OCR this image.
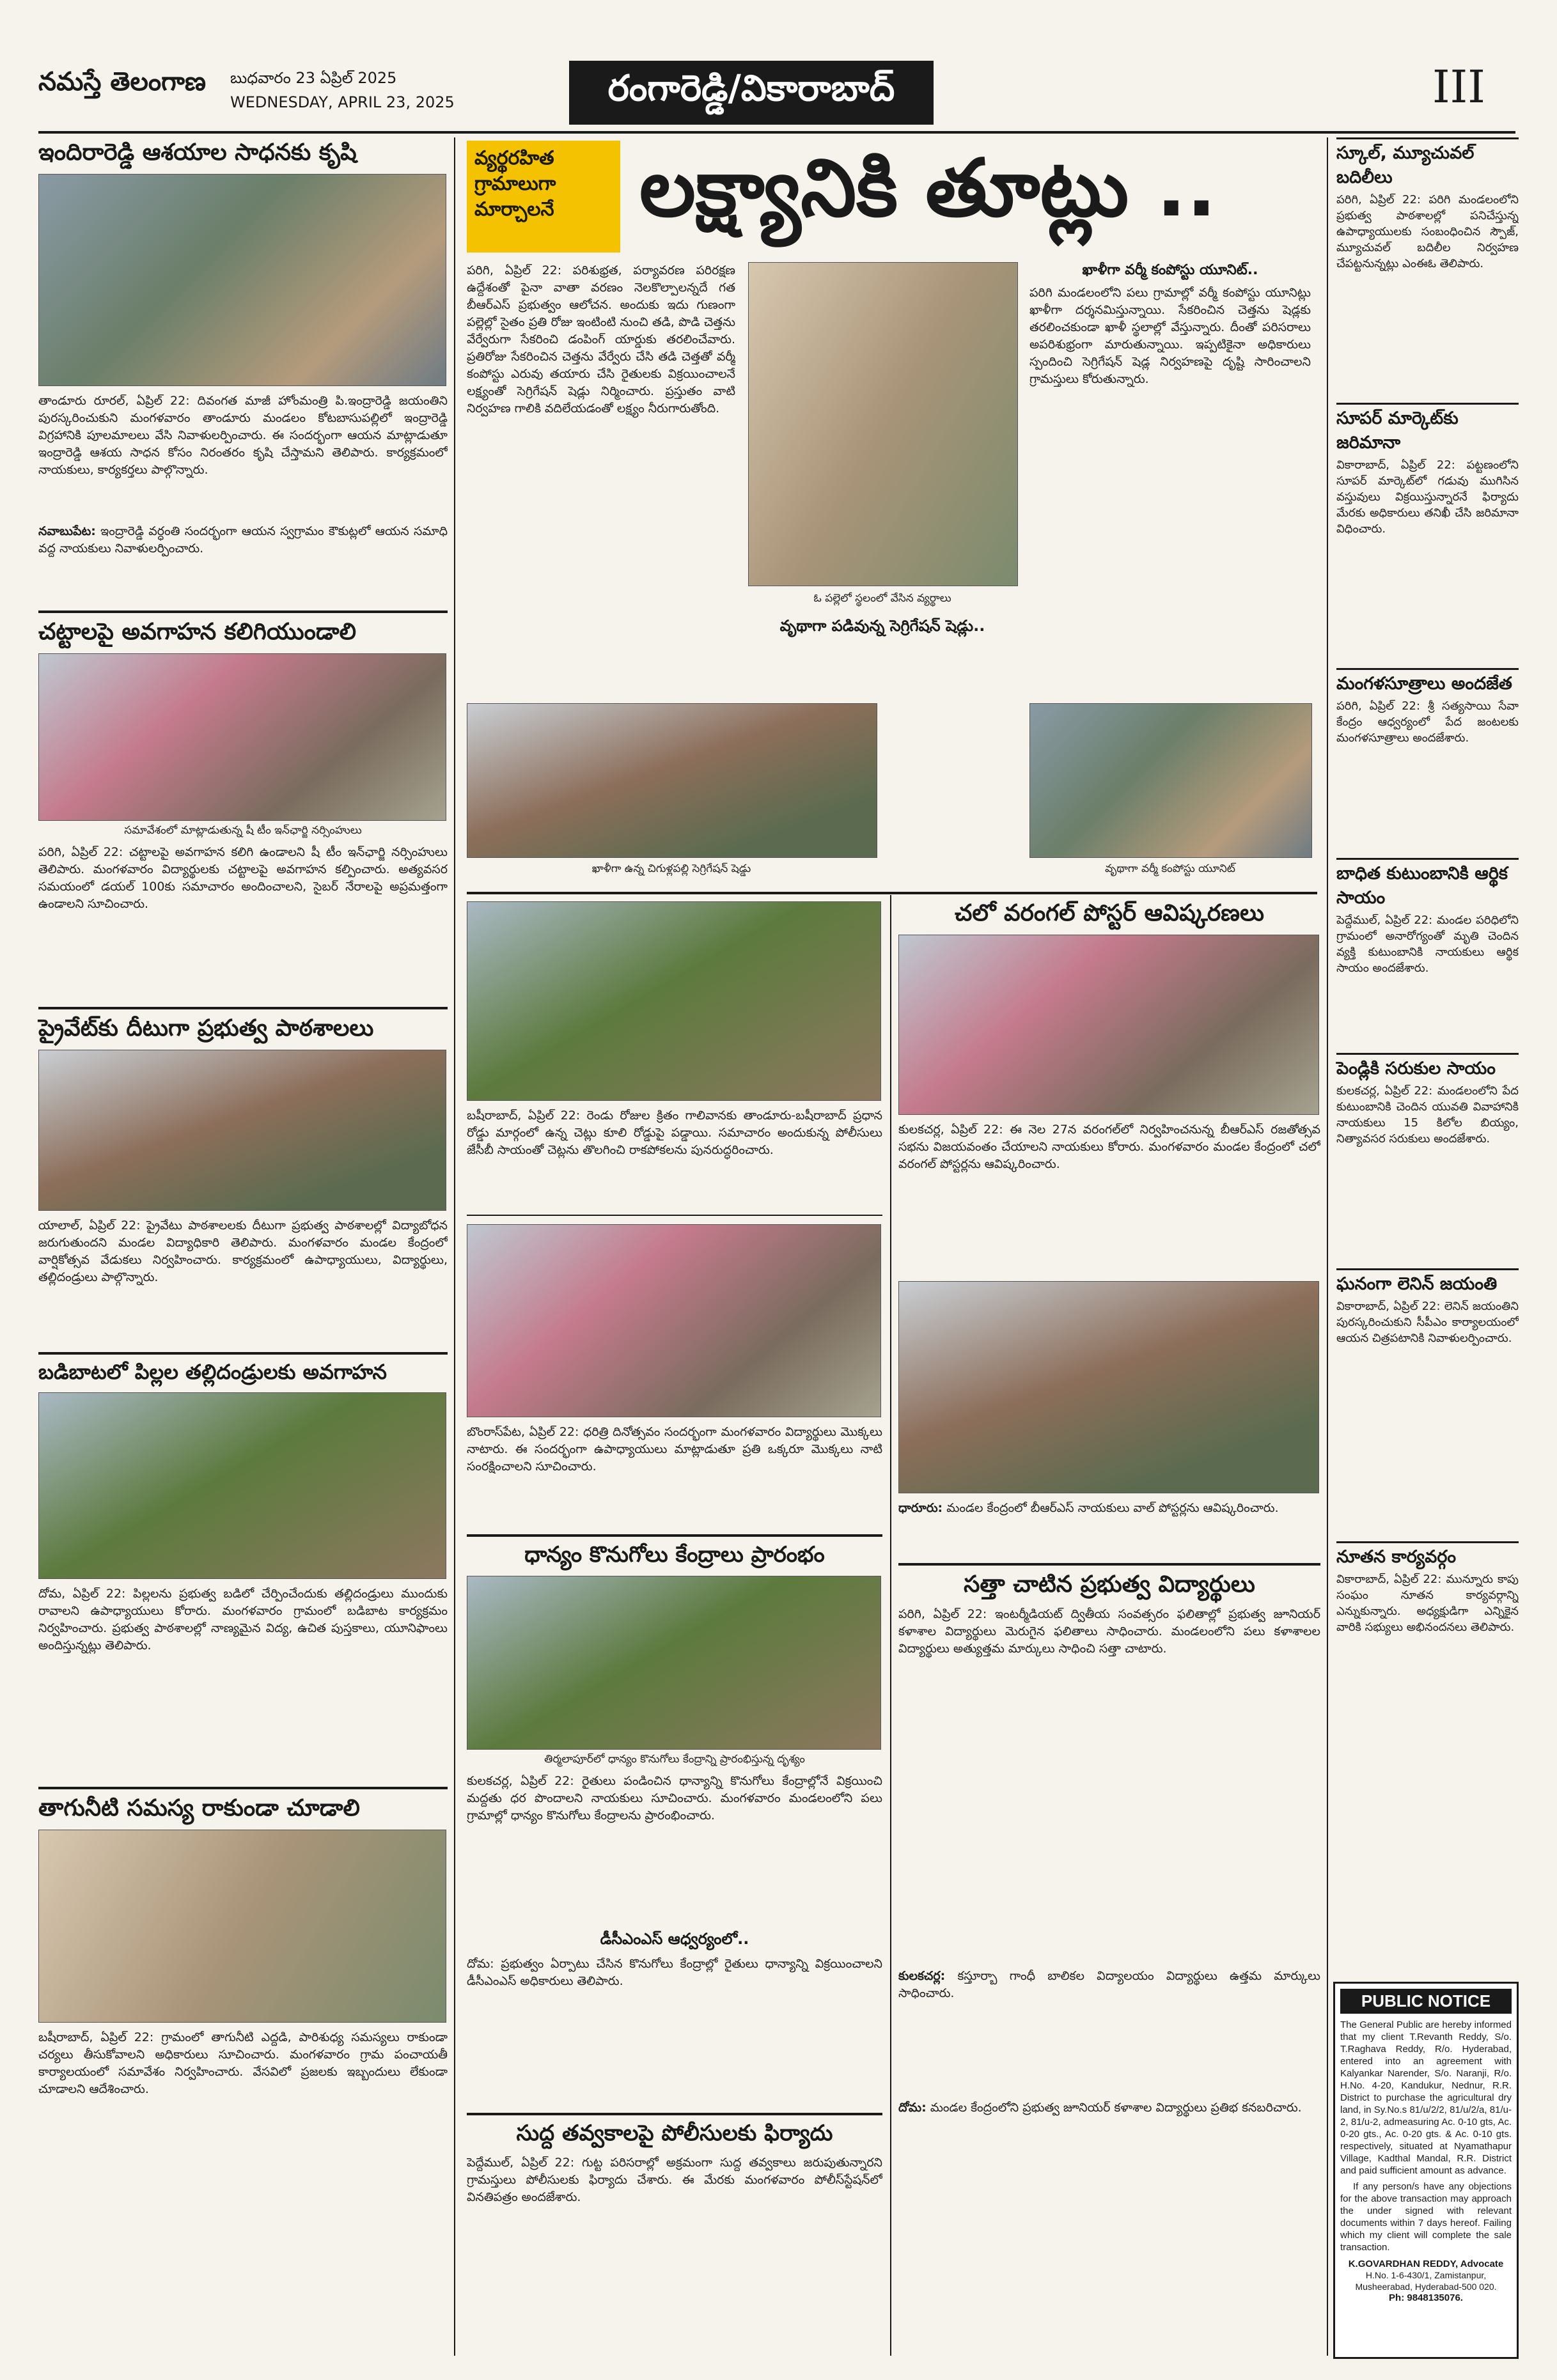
నమస్తే తెలంగాణ బుధవారం 23 ఏప్రిల్ 2025
WEDNESDAY, APRIL 23, 2025	రంగారెడ్డి/వికారాబాద్	III
ఇందిరారెడ్డి ఆశయాల సాధనకు కృషి
తాండూరు రూరల్, ఏప్రిల్ 22: దివంగత మాజీ హోంమంత్రి పి.ఇంద్రారెడ్డి జయంతిని పురస్కరించుకుని మంగళవారం తాండూరు మండలం కోటబాసుపల్లిలో ఇంద్రారెడ్డి విగ్రహానికి పూలమాలలు వేసి నివాళులర్పించారు. ఈ సందర్భంగా ఆయన మాట్లాడుతూ ఇంద్రారెడ్డి ఆశయ సాధన కోసం నిరంతరం కృషి చేస్తామని తెలిపారు. కార్యక్రమంలో నాయకులు, కార్యకర్తలు పాల్గొన్నారు.
నవాబుపేట: ఇంద్రారెడ్డి వర్ధంతి సందర్భంగా ఆయన స్వగ్రామం కౌకుట్లలో ఆయన సమాధి వద్ద నాయకులు నివాళులర్పించారు.
చట్టాలపై అవగాహన కలిగియుండాలి
సమావేశంలో మాట్లాడుతున్న షీ టీం ఇన్‌ఛార్జి నర్సింహులు
పరిగి, ఏప్రిల్ 22: చట్టాలపై అవగాహన కలిగి ఉండాలని షీ టీం ఇన్‌ఛార్జి నర్సింహులు తెలిపారు. మంగళవారం విద్యార్థులకు చట్టాలపై అవగాహన కల్పించారు. అత్యవసర సమయంలో డయల్ 100కు సమాచారం అందించాలని, సైబర్ నేరాలపై అప్రమత్తంగా ఉండాలని సూచించారు.
ప్రైవేట్‌కు దీటుగా ప్రభుత్వ పాఠశాలలు
యాలాల్, ఏప్రిల్ 22: ప్రైవేటు పాఠశాలలకు దీటుగా ప్రభుత్వ పాఠశాలల్లో విద్యాబోధన జరుగుతుందని మండల విద్యాధికారి తెలిపారు. మంగళవారం మండల కేంద్రంలో వార్షికోత్సవ వేడుకలు నిర్వహించారు. కార్యక్రమంలో ఉపాధ్యాయులు, విద్యార్థులు, తల్లిదండ్రులు పాల్గొన్నారు.
బడిబాటలో పిల్లల తల్లిదండ్రులకు అవగాహన
దోమ, ఏప్రిల్ 22: పిల్లలను ప్రభుత్వ బడిలో చేర్పించేందుకు తల్లిదండ్రులు ముందుకు రావాలని ఉపాధ్యాయులు కోరారు. మంగళవారం గ్రామంలో బడిబాట కార్యక్రమం నిర్వహించారు. ప్రభుత్వ పాఠశాలల్లో నాణ్యమైన విద్య, ఉచిత పుస్తకాలు, యూనిఫాంలు అందిస్తున్నట్లు తెలిపారు.
తాగునీటి సమస్య రాకుండా చూడాలి
బషీరాబాద్, ఏప్రిల్ 22: గ్రామంలో తాగునీటి ఎద్దడి, పారిశుధ్య సమస్యలు రాకుండా చర్యలు తీసుకోవాలని అధికారులు సూచించారు. మంగళవారం గ్రామ పంచాయతీ కార్యాలయంలో సమావేశం నిర్వహించారు. వేసవిలో ప్రజలకు ఇబ్బందులు లేకుండా చూడాలని ఆదేశించారు.
వ్యర్థరహిత గ్రామాలుగా మార్చాలనే	లక్ష్యానికి తూట్లు ..
పరిగి, ఏప్రిల్ 22: పరిశుభ్రత, పర్యావరణ పరిరక్షణ ఉద్దేశంతో పైనా వాతా వరణం నెలకొల్పాలన్నదే గత బీఆర్ఎస్ ప్రభుత్వం ఆలోచన. అందుకు ఇదు గుణంగా పల్లెల్లో సైతం ప్రతి రోజు ఇంటింటి నుంచి తడి, పొడి చెత్తను వేర్వేరుగా సేకరించి డంపింగ్ యార్డుకు తరలించేవారు. ప్రతిరోజు సేకరించిన చెత్తను వేర్వేరు చేసి తడి చెత్తతో వర్మీ కంపోస్టు ఎరువు తయారు చేసి రైతులకు విక్రయించాలనే లక్ష్యంతో సెగ్రిగేషన్ షెడ్లు నిర్మించారు. ప్రస్తుతం వాటి నిర్వహణ గాలికి వదిలేయడంతో లక్ష్యం నీరుగారుతోంది.
ఓ పల్లెలో స్థలంలో వేసిన వ్యర్థాలు
వృథాగా పడివున్న సెగ్రిగేషన్ షెడ్లు..
ఖాళీగా వర్మీ కంపోస్టు యూనిట్..
పరిగి మండలంలోని పలు గ్రామాల్లో వర్మీ కంపోస్టు యూనిట్లు ఖాళీగా దర్శనమిస్తున్నాయి. సేకరించిన చెత్తను షెడ్లకు తరలించకుండా ఖాళీ స్థలాల్లో వేస్తున్నారు. దీంతో పరిసరాలు అపరిశుభ్రంగా మారుతున్నాయి. ఇప్పటికైనా అధికారులు స్పందించి సెగ్రిగేషన్ షెడ్ల నిర్వహణపై దృష్టి సారించాలని గ్రామస్తులు కోరుతున్నారు.
ఖాళీగా ఉన్న చిగుళ్లపల్లి సెగ్రిగేషన్ షెడ్డు	వృథాగా వర్మీ కంపోస్టు యూనిట్
బషీరాబాద్, ఏప్రిల్ 22: రెండు రోజుల క్రితం గాలివానకు తాండూరు-బషీరాబాద్ ప్రధాన రోడ్డు మార్గంలో ఉన్న చెట్లు కూలి రోడ్డుపై పడ్డాయి. సమాచారం అందుకున్న పోలీసులు జేసీబీ సాయంతో చెట్లను తొలగించి రాకపోకలను పునరుద్ధరించారు.
బొంరాస్‌పేట, ఏప్రిల్ 22: ధరిత్రి దినోత్సవం సందర్భంగా మంగళవారం విద్యార్థులు మొక్కలు నాటారు. ఈ సందర్భంగా ఉపాధ్యాయులు మాట్లాడుతూ ప్రతి ఒక్కరూ మొక్కలు నాటి సంరక్షించాలని సూచించారు.
ధాన్యం కొనుగోలు కేంద్రాలు ప్రారంభం
తిర్మలాపూర్‌లో ధాన్యం కొనుగోలు కేంద్రాన్ని ప్రారంభిస్తున్న దృశ్యం
కులకచర్ల, ఏప్రిల్ 22: రైతులు పండించిన ధాన్యాన్ని కొనుగోలు కేంద్రాల్లోనే విక్రయించి మద్దతు ధర పొందాలని నాయకులు సూచించారు. మంగళవారం మండలంలోని పలు గ్రామాల్లో ధాన్యం కొనుగోలు కేంద్రాలను ప్రారంభించారు.
డీసీఎంఎస్ ఆధ్వర్యంలో..
దోమ: ప్రభుత్వం ఏర్పాటు చేసిన కొనుగోలు కేంద్రాల్లో రైతులు ధాన్యాన్ని విక్రయించాలని డీసీఎంఎస్ అధికారులు తెలిపారు.
సుద్ద తవ్వకాలపై పోలీసులకు ఫిర్యాదు
పెద్దేముల్, ఏప్రిల్ 22: గుట్ట పరిసరాల్లో అక్రమంగా సుద్ద తవ్వకాలు జరుపుతున్నారని గ్రామస్తులు పోలీసులకు ఫిర్యాదు చేశారు. ఈ మేరకు మంగళవారం పోలీస్‌స్టేషన్‌లో వినతిపత్రం అందజేశారు.
చలో వరంగల్ పోస్టర్ ఆవిష్కరణలు
కులకచర్ల, ఏప్రిల్ 22: ఈ నెల 27న వరంగల్‌లో నిర్వహించనున్న బీఆర్‌ఎస్ రజతోత్సవ సభను విజయవంతం చేయాలని నాయకులు కోరారు. మంగళవారం మండల కేంద్రంలో చలో వరంగల్ పోస్టర్లను ఆవిష్కరించారు.
ధారూరు: మండల కేంద్రంలో బీఆర్‌ఎస్ నాయకులు వాల్ పోస్టర్లను ఆవిష్కరించారు.
సత్తా చాటిన ప్రభుత్వ విద్యార్థులు
పరిగి, ఏప్రిల్ 22: ఇంటర్మీడియట్ ద్వితీయ సంవత్సరం ఫలితాల్లో ప్రభుత్వ జూనియర్ కళాశాల విద్యార్థులు మెరుగైన ఫలితాలు సాధించారు. మండలంలోని పలు కళాశాలల విద్యార్థులు అత్యుత్తమ మార్కులు సాధించి సత్తా చాటారు.
కులకచర్ల: కస్తూర్బా గాంధీ బాలికల విద్యాలయం విద్యార్థులు ఉత్తమ మార్కులు సాధించారు.
దోమ: మండల కేంద్రంలోని ప్రభుత్వ జూనియర్ కళాశాల విద్యార్థులు ప్రతిభ కనబరిచారు.
స్కూల్, మ్యూచువల్ బదిలీలు
పరిగి, ఏప్రిల్ 22: పరిగి మండలంలోని ప్రభుత్వ పాఠశాలల్లో పనిచేస్తున్న ఉపాధ్యాయులకు సంబంధించిన స్పౌజ్, మ్యూచువల్ బదిలీల నిర్వహణ చేపట్టనున్నట్లు ఎంఈఓ తెలిపారు.
సూపర్ మార్కెట్‌కు జరిమానా
వికారాబాద్, ఏప్రిల్ 22: పట్టణంలోని సూపర్ మార్కెట్‌లో గడువు ముగిసిన వస్తువులు విక్రయిస్తున్నారనే ఫిర్యాదు మేరకు అధికారులు తనిఖీ చేసి జరిమానా విధించారు.
మంగళసూత్రాలు అందజేత
పరిగి, ఏప్రిల్ 22: శ్రీ సత్యసాయి సేవా కేంద్రం ఆధ్వర్యంలో పేద జంటలకు మంగళసూత్రాలు అందజేశారు.
బాధిత కుటుంబానికి ఆర్థిక సాయం
పెద్దేముల్, ఏప్రిల్ 22: మండల పరిధిలోని గ్రామంలో అనారోగ్యంతో మృతి చెందిన వ్యక్తి కుటుంబానికి నాయకులు ఆర్థిక సాయం అందజేశారు.
పెండ్లికి సరుకుల సాయం
కులకచర్ల, ఏప్రిల్ 22: మండలంలోని పేద కుటుంబానికి చెందిన యువతి వివాహానికి నాయకులు 15 కిలోల బియ్యం, నిత్యావసర సరుకులు అందజేశారు.
ఘనంగా లెనిన్ జయంతి
వికారాబాద్, ఏప్రిల్ 22: లెనిన్ జయంతిని పురస్కరించుకుని సీపీఎం కార్యాలయంలో ఆయన చిత్రపటానికి నివాళులర్పించారు.
నూతన కార్యవర్గం
వికారాబాద్, ఏప్రిల్ 22: మున్నూరు కాపు సంఘం నూతన కార్యవర్గాన్ని ఎన్నుకున్నారు. అధ్యక్షుడిగా ఎన్నికైన వారికి సభ్యులు అభినందనలు తెలిపారు.
PUBLIC NOTICE
The General Public are hereby informed that my client T.Revanth Reddy, S/o. T.Raghava Reddy, R/o. Hyderabad, entered into an agreement with Kalyankar Narender, S/o. Naranji, R/o. H.No. 4-20, Kandukur, Nednur, R.R. District to purchase the agricultural dry land, in Sy.No.s 81/u/2/2, 81/u/2/a, 81/u-2, 81/u-2, admeasuring Ac. 0-10 gts, Ac. 0-20 gts., Ac. 0-20 gts. & Ac. 0-10 gts. respectively, situated at Nyamathapur Village, Kadthal Mandal, R.R. District and paid sufficient amount as advance.
If any person/s have any objections for the above transaction may approach the under signed with relevant documents within 7 days hereof. Failing which my client will complete the sale transaction.
K.GOVARDHAN REDDY, Advocate
H.No. 1-6-430/1, Zamistanpur, Musheerabad, Hyderabad-500 020.
Ph: 9848135076.
